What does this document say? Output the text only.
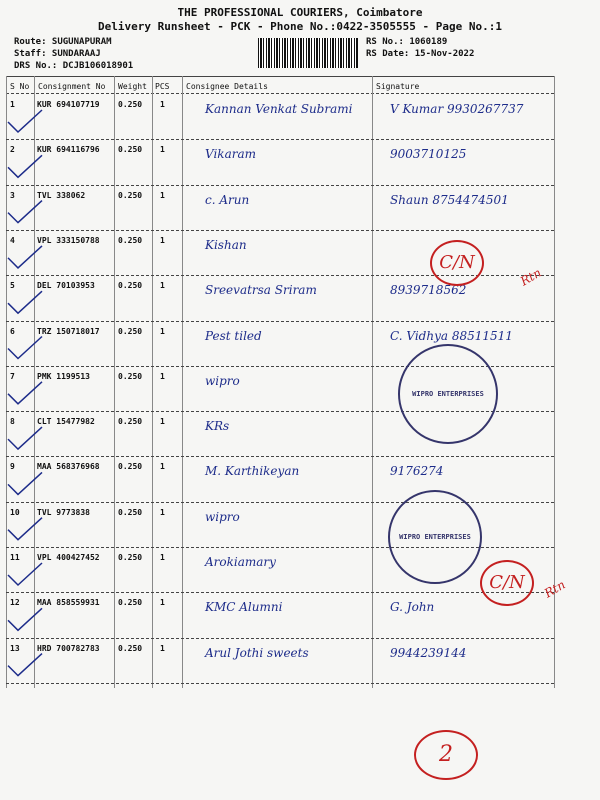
THE PROFESSIONAL COURIERS, Coimbatore
Delivery Runsheet - PCK - Phone No.:0422-3505555 - Page No.:1
Route: SUGUNAPURAM
Staff: SUNDARAAJ
DRS No.: DCJB106018901
RS No.: 1060189
RS Date: 15-Nov-2022
S No Consignment No Weight PCS Consignee Details	Signature
1	KUR 694107719 0.250 1	Kannan Venkat Subrami	V Kumar 9930267737
2	KUR 694116796 0.250 1	Vikaram	9003710125
3	TVL 338062	0.250 1	c. Arun	Shaun 8754474501
4	VPL 333150788 0.250 1	Kishan
5	DEL 70103953	0.250 1	Sreevatrsa Sriram	8939718562
6	TRZ 150718017 0.250 1	Pest tiled	C. Vidhya 88511511
7	PMK 1199513	0.250 1	wipro
8	CLT 15477982	0.250 1	KRs
9	MAA 568376968 0.250 1	M. Karthikeyan	9176274
10 TVL 9773838	0.250 1	wipro
11 VPL 400427452 0.250 1	Arokiamary
12 MAA 858559931 0.250 1	KMC Alumni	G. John
13 HRD 700782783 0.250 1	Arul Jothi sweets	9944239144
WIPRO ENTERPRISES
WIPRO ENTERPRISES
C/N
C/N
Rtn
Rtn
2
